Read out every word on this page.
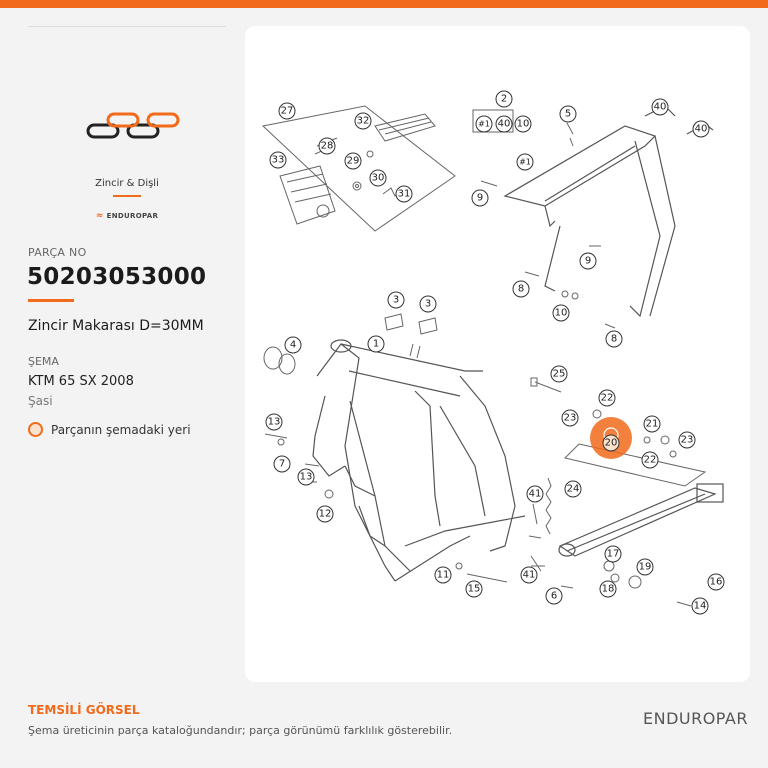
Zincir & Dişli
≈ ENDUROPAR
PARÇA NO
50203053000
Zincir Makarası D=30MM
ŞEMA
KTM 65 SX 2008
Şasi
Parçanın şemadaki yeri
27
32
28
29
30
31
33
2
#1 40 10
5
40
40
#1
9
9
8
10
8
3	3
1
4
25
22
23
21
23
22
20
13
7
13
12
41	24
41
11
15
6
17
18
19
16
14
TEMSİLİ GÖRSEL
Şema üreticinin parça kataloğundandır; parça görünümü farklılık gösterebilir.
ENDUROPAR
